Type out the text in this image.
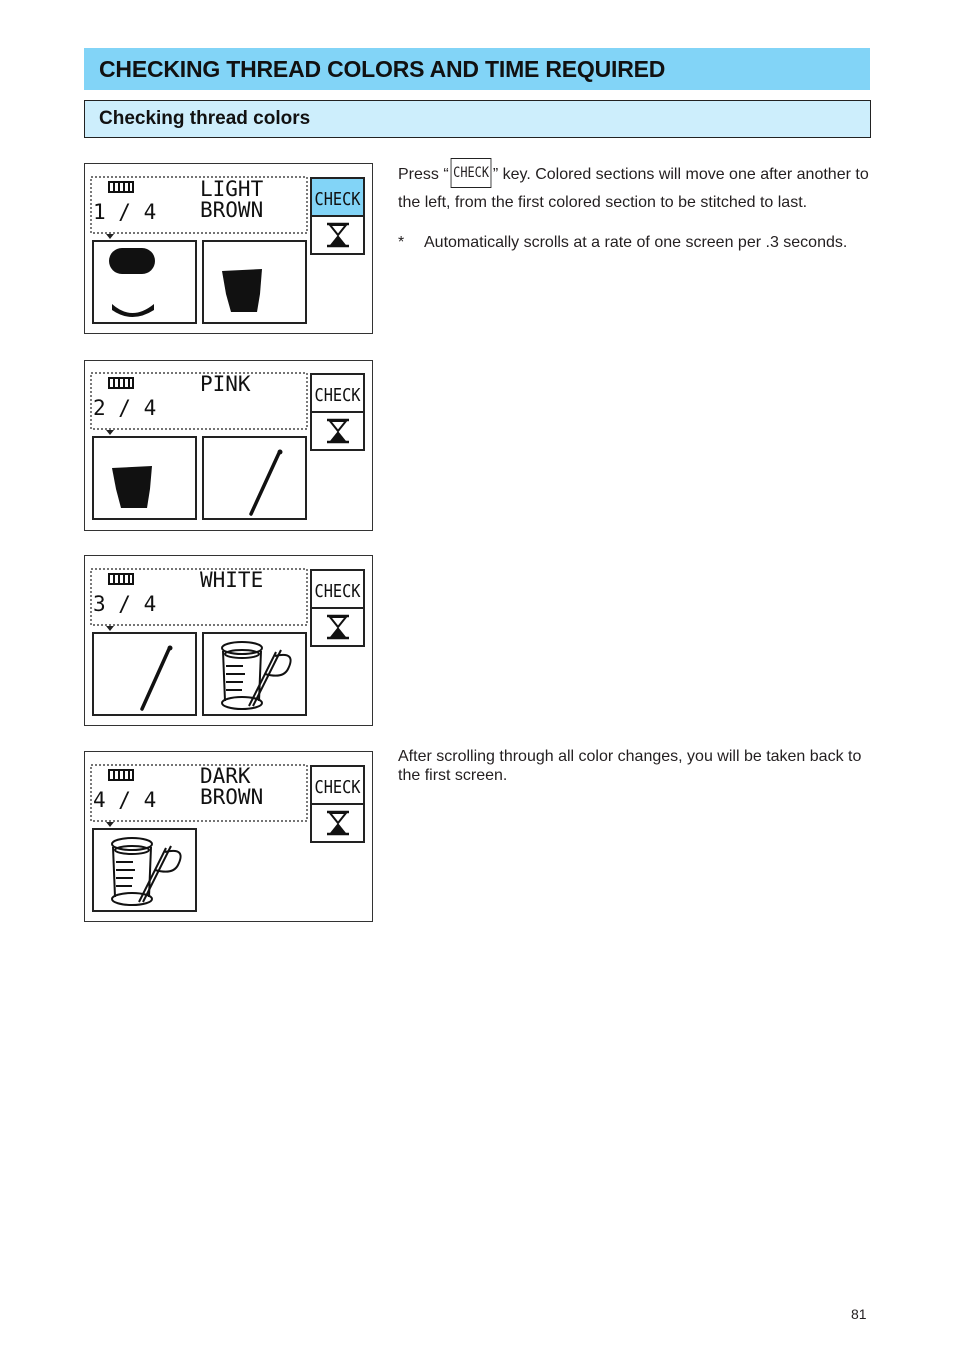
CHECKING THREAD COLORS AND TIME REQUIRED
Checking thread colors
1 / 4
LIGHT
BROWN	CHECK
2 / 4
PINK	CHECK
3 / 4
WHITE	CHECK
4 / 4
DARK
BROWN	CHECK
Press “ CHECK ” key. Colored sections will move one after another to the left, from the first colored section to be stitched to last.
* Automatically scrolls at a rate of one screen per .3 seconds.
After scrolling through all color changes, you will be taken back to the first screen.
81
